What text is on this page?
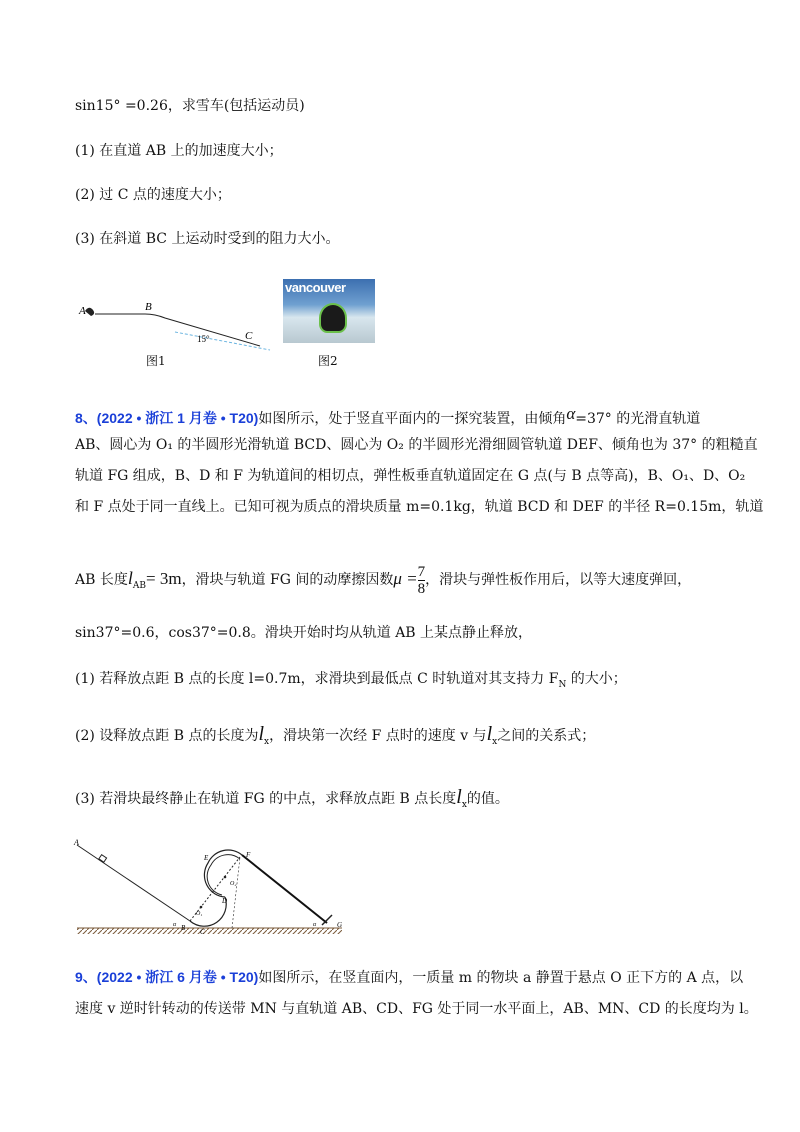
sin15° =0.26，求雪车(包括运动员)
(1) 在直道 AB 上的加速度大小；
(2) 过 C 点的速度大小；
(3) 在斜道 BC 上运动时受到的阻力大小。
A	B
C
15°
图1
vancouver
图2
8、(2022 • 浙江 1 月卷 • T20)如图所示，处于竖直平面内的一探究装置，由倾角α=37° 的光滑直轨道
AB、圆心为 O₁ 的半圆形光滑轨道 BCD、圆心为 O₂ 的半圆形光滑细圆管轨道 DEF、倾角也为 37° 的粗糙直
轨道 FG 组成，B、D 和 F 为轨道间的相切点，弹性板垂直轨道固定在 G 点(与 B 点等高)，B、O₁、D、O₂
和 F 点处于同一直线上。已知可视为质点的滑块质量 m=0.1kg，轨道 BCD 和 DEF 的半径 R=0.15m，轨道
AB 长度$l_{AB}= 3m$，滑块与轨道 FG 间的动摩擦因数$\mu = \frac{7}{8}$ ，滑块与弹性板作用后，以等大速度弹回，
sin37°=0.6，cos37°=0.8。滑块开始时均从轨道 AB 上某点静止释放，
(1) 若释放点距 B 点的长度 l=0.7m，求滑块到最低点 C 时轨道对其支持力 $F_N$ 的大小；
(2) 设释放点距 B 点的长度为$l_x$，滑块第一次经 F 点时的速度 v 与$l_x$之间的关系式；
(3) 若滑块最终静止在轨道 FG 的中点，求释放点距 B 点长度$l_x$的值。
A
B C
D
E	F
G
O₁
O₂
α	α
9、(2022 • 浙江 6 月卷 • T20)如图所示，在竖直面内，一质量 m 的物块 a 静置于悬点 O 正下方的 A 点，以
速度 v 逆时针转动的传送带 MN 与直轨道 AB、CD、FG 处于同一水平面上，AB、MN、CD 的长度均为 l。
